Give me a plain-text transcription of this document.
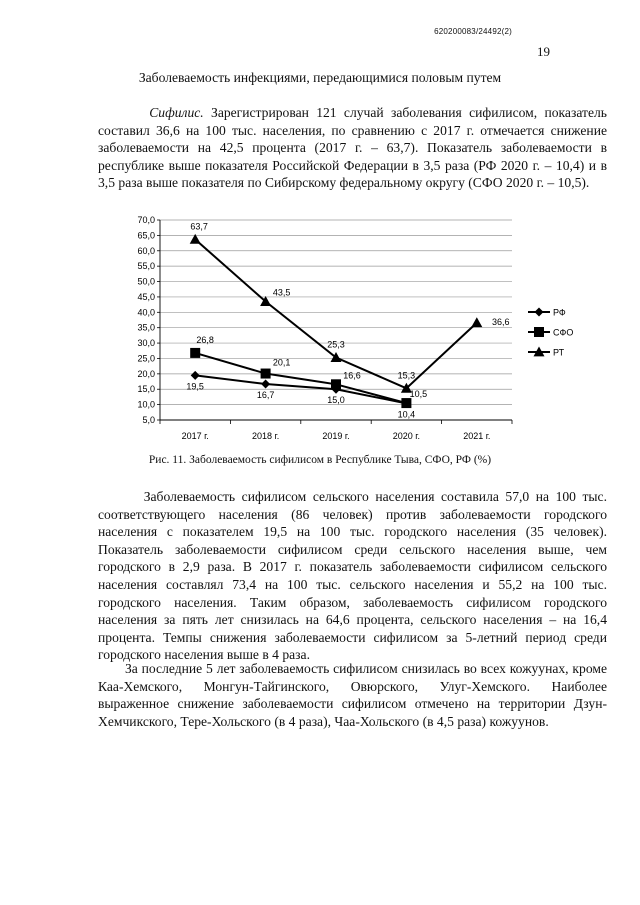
620200083/24492(2)
19
Заболеваемость инфекциями, передающимися половым путем
Сифилис. Зарегистрирован 121 случай заболевания сифилисом, показатель составил 36,6 на 100 тыс. населения, по сравнению с 2017 г. отмечается снижение заболеваемости на 42,5 процента (2017 г. – 63,7). Показатель заболеваемости в республике выше показателя Российской Федерации в 3,5 раза (РФ 2020 г. – 10,4) и в 3,5 раза выше показателя по Сибирскому федеральному округу (СФО 2020 г. – 10,5).
5,0
10,0
15,0
20,0
25,0
30,0
35,0
40,0
45,0
50,0
55,0
60,0
65,0
70,0
2017 г.	2018 г.	2019 г.	2020 г.	2021 г.
19,5
16,7
15,0
10,4
26,8
20,1
16,6
10,5
63,7
43,5
25,3
15,3
36,6
РФ
СФО
РТ
Рис. 11. Заболеваемость сифилисом в Республике Тыва, СФО, РФ (%)
Заболеваемость сифилисом сельского населения составила 57,0 на 100 тыс. соответствующего населения (86 человек) против заболеваемости городского населения с показателем 19,5 на 100 тыс. городского населения (35 человек). Показатель заболеваемости сифилисом среди сельского населения выше, чем городского в 2,9 раза. В 2017 г. показатель заболеваемости сифилисом сельского населения составлял 73,4 на 100 тыс. сельского населения и 55,2 на 100 тыс. городского населения. Таким образом, заболеваемость сифилисом городского населения за пять лет снизилась на 64,6 процента, сельского населения – на 16,4 процента. Темпы снижения заболеваемости сифилисом за 5-летний период среди городского населения выше в 4 раза.
За последние 5 лет заболеваемость сифилисом снизилась во всех кожуунах, кроме Каа-Хемского, Монгун-Тайгинского, Овюрского, Улуг-Хемского. Наиболее выраженное снижение заболеваемости сифилисом отмечено на территории Дзун-Хемчикского, Тере-Хольского (в 4 раза), Чаа-Хольского (в 4,5 раза) кожуунов.
